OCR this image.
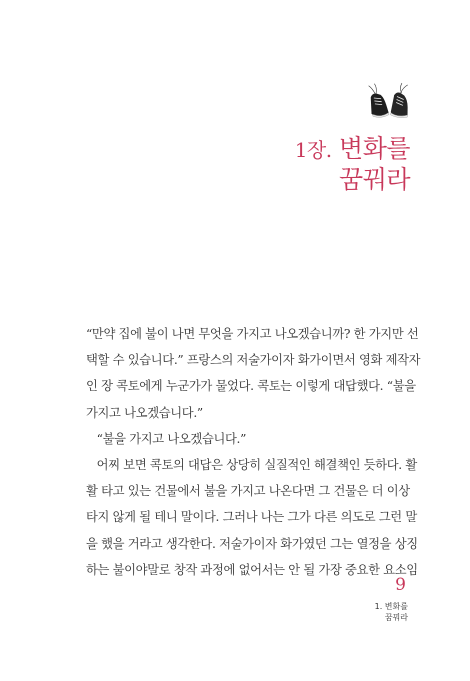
1장. 변화를
꿈꿔라
“만약 집에 불이 나면 무엇을 가지고 나오겠습니까? 한 가지만 선
택할 수 있습니다.” 프랑스의 저술가이자 화가이면서 영화 제작자
인 장 콕토에게 누군가가 물었다. 콕토는 이렇게 대답했다. “불을
가지고 나오겠습니다.”
“불을 가지고 나오겠습니다.”
어찌 보면 콕토의 대답은 상당히 실질적인 해결책인 듯하다. 활
활 타고 있는 건물에서 불을 가지고 나온다면 그 건물은 더 이상
타지 않게 될 테니 말이다. 그러나 나는 그가 다른 의도로 그런 말
을 했을 거라고 생각한다. 저술가이자 화가였던 그는 열정을 상징
하는 불이야말로 창작 과정에 없어서는 안 될 가장 중요한 요소임
9
1. 변화를
꿈꿔라
